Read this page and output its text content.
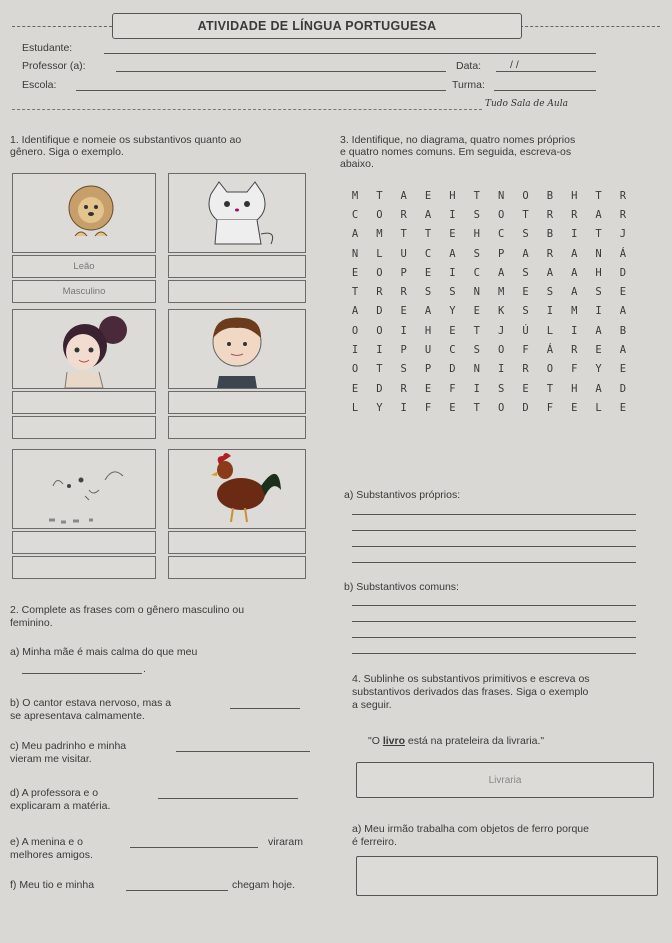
ATIVIDADE DE LÍNGUA PORTUGUESA
Estudante:
Professor (a):	Data:	/ /
Escola:	Turma:
Tudo Sala de Aula
1. Identifique e nomeie os substantivos quanto ao
gênero. Siga o exemplo.
Leão
Masculino
2. Complete as frases com o gênero masculino ou
feminino.
a) Minha mãe é mais calma do que meu
.
b) O cantor estava nervoso, mas a
se apresentava calmamente.
c) Meu padrinho e minha
vieram me visitar.
d) A professora e o
explicaram a matéria.
e) A menina e o	viraram
melhores amigos.
f) Meu tio e minha	chegam hoje.
3. Identifique, no diagrama, quatro nomes próprios
e quatro nomes comuns. Em seguida, escreva-os
abaixo.
M	T	A	E	H	T	N	O	B	H	T	R
C	O	R	A	I	S	O	T	R	R	A	R
A	M	T	T	E	H	C	S	B	I	T	J
N	L	U	C	A	S	P	A	R	A	N	Á
E	O	P	E	I	C	A	S	A	A	H	D
T	R	R	S	S	N	M	E	S	A	S	E
A	D	E	A	Y	E	K	S	I	M	I	A
O	O	I	H	E	T	J	Ú	L	I	A	B
I	I	P	U	C	S	O	F	Á	R	E	A
O	T	S	P	D	N	I	R	O	F	Y	E
E	D	R	E	F	I	S	E	T	H	A	D
L	Y	I	F	E	T	O	D	F	E	L	E
a) Substantivos próprios:
b) Substantivos comuns:
4. Sublinhe os substantivos primitivos e escreva os
substantivos derivados das frases. Siga o exemplo
a seguir.
"O livro está na prateleira da livraria."
Livraria
a) Meu irmão trabalha com objetos de ferro porque
é ferreiro.
